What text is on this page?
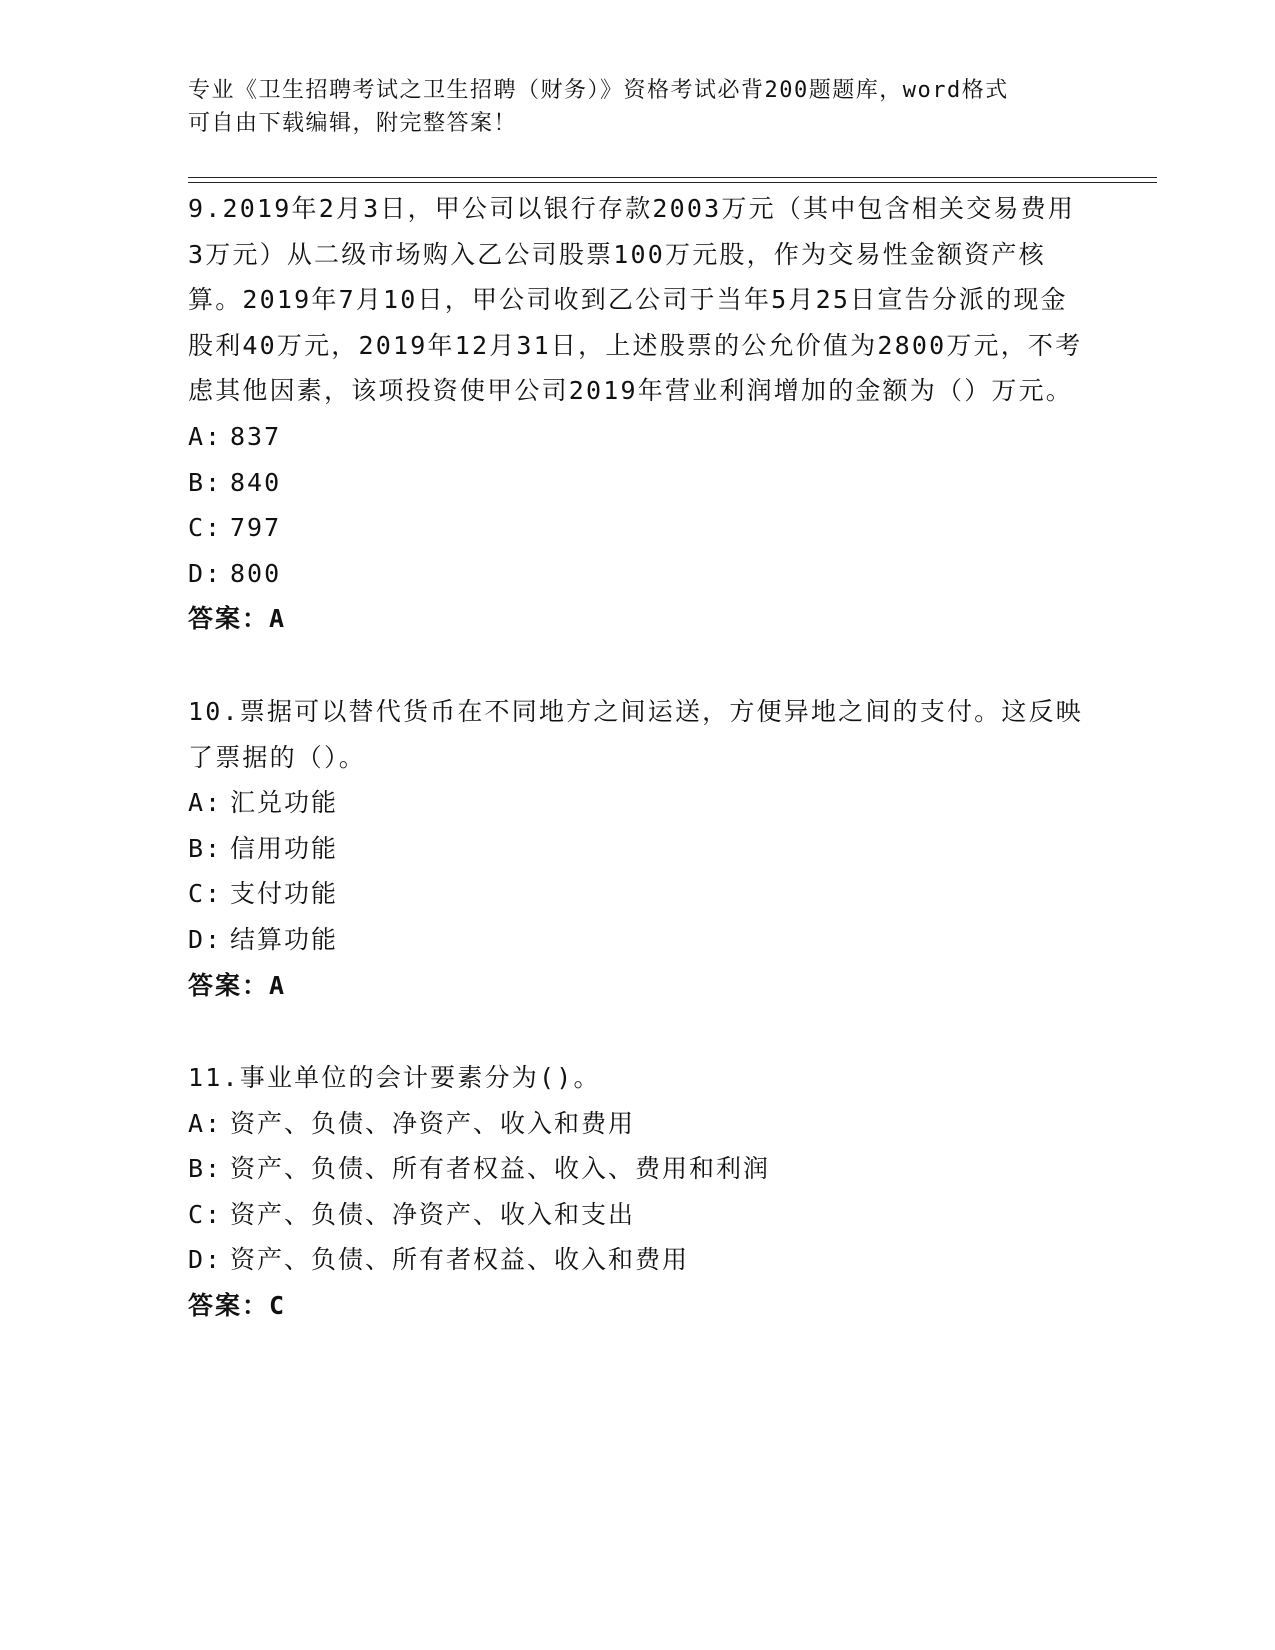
专业《卫生招聘考试之卫生招聘（财务）》资格考试必背200题题库，word格式
可自由下载编辑，附完整答案！

9.2019年2月3日，甲公司以银行存款2003万元（其中包含相关交易费用3万元）从二级市场购入乙公司股票100万元股，作为交易性金额资产核算。2019年7月10日，甲公司收到乙公司于当年5月25日宣告分派的现金股利40万元，2019年12月31日，上述股票的公允价值为2800万元，不考虑其他因素，该项投资使甲公司2019年营业利润增加的金额为（）万元。

A: 837
B: 840
C: 797
D: 800
答案：A

10.票据可以替代货币在不同地方之间运送，方便异地之间的支付。这反映了票据的（）。

A: 汇兑功能
B: 信用功能
C: 支付功能
D: 结算功能
答案：A

11.事业单位的会计要素分为()。

A: 资产、负债、净资产、收入和费用
B: 资产、负债、所有者权益、收入、费用和利润
C: 资产、负债、净资产、收入和支出
D: 资产、负债、所有者权益、收入和费用
答案：C
